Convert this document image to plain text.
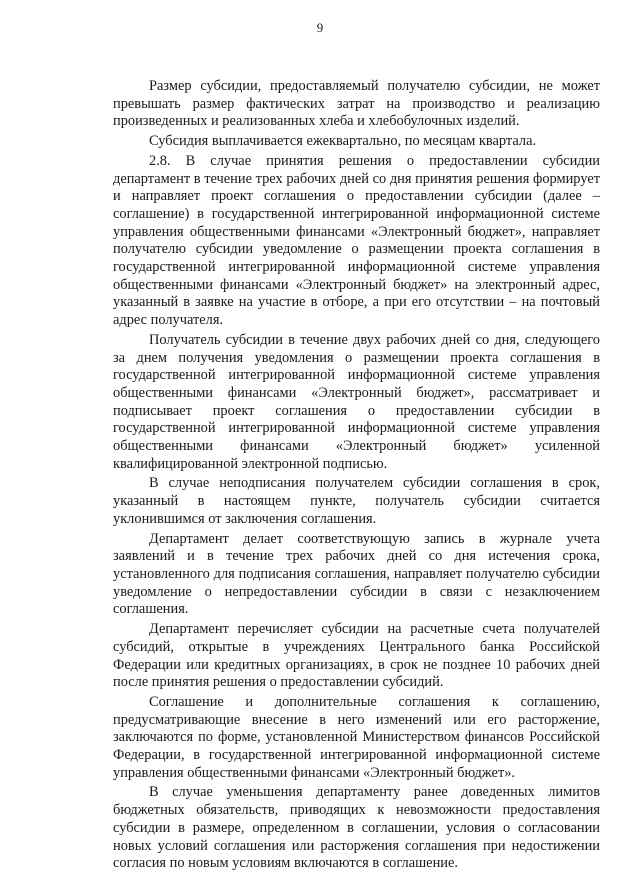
9

Размер субсидии, предоставляемый получателю субсидии, не может превышать размер фактических затрат на производство и реализацию произведенных и реализованных хлеба и хлебобулочных изделий.

Субсидия выплачивается ежеквартально, по месяцам квартала.

2.8. В случае принятия решения о предоставлении субсидии департамент в течение трех рабочих дней со дня принятия решения формирует и направляет проект соглашения о предоставлении субсидии (далее – соглашение) в государственной интегрированной информационной системе управления общественными финансами «Электронный бюджет», направляет получателю субсидии уведомление о размещении проекта соглашения в государственной интегрированной информационной системе управления общественными финансами «Электронный бюджет» на электронный адрес, указанный в заявке на участие в отборе, а при его отсутствии – на почтовый адрес получателя.

Получатель субсидии в течение двух рабочих дней со дня, следующего за днем получения уведомления о размещении проекта соглашения в государственной интегрированной информационной системе управления общественными финансами «Электронный бюджет», рассматривает и подписывает проект соглашения о предоставлении субсидии в государственной интегрированной информационной системе управления общественными финансами «Электронный бюджет» усиленной квалифицированной электронной подписью.

В случае неподписания получателем субсидии соглашения в срок, указанный в настоящем пункте, получатель субсидии считается уклонившимся от заключения соглашения.

Департамент делает соответствующую запись в журнале учета заявлений и в течение трех рабочих дней со дня истечения срока, установленного для подписания соглашения, направляет получателю субсидии уведомление о непредоставлении субсидии в связи с незаключением соглашения.

Департамент перечисляет субсидии на расчетные счета получателей субсидий, открытые в учреждениях Центрального банка Российской Федерации или кредитных организациях, в срок не позднее 10 рабочих дней после принятия решения о предоставлении субсидий.

Соглашение и дополнительные соглашения к соглашению, предусматривающие внесение в него изменений или его расторжение, заключаются по форме, установленной Министерством финансов Российской Федерации, в государственной интегрированной информационной системе управления общественными финансами «Электронный бюджет».

В случае уменьшения департаменту ранее доведенных лимитов бюджетных обязательств, приводящих к невозможности предоставления субсидии в размере, определенном в соглашении, условия о согласовании новых условий соглашения или расторжения соглашения при недостижении согласия по новым условиям включаются в соглашение.
